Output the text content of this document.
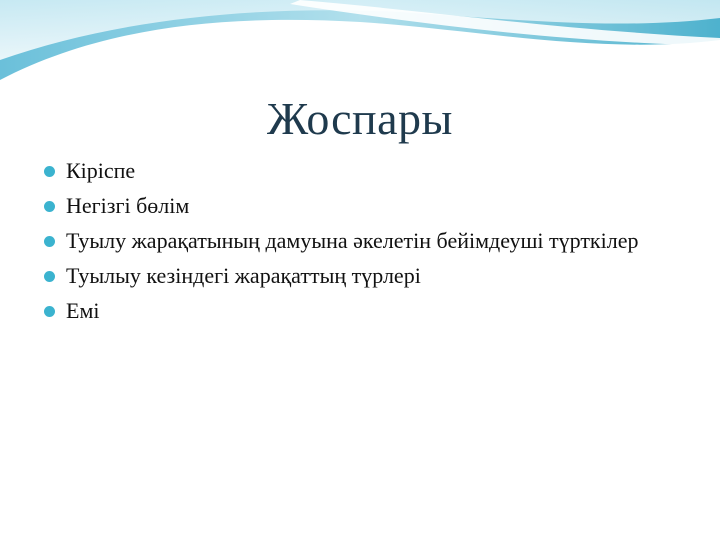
Жоспары
Кіріспе
Негізгі бөлім
Туылу жарақатының дамуына әкелетін бейімдеуші түрткілер
Туылыу кезіндегі жарақаттың түрлері
Емі
